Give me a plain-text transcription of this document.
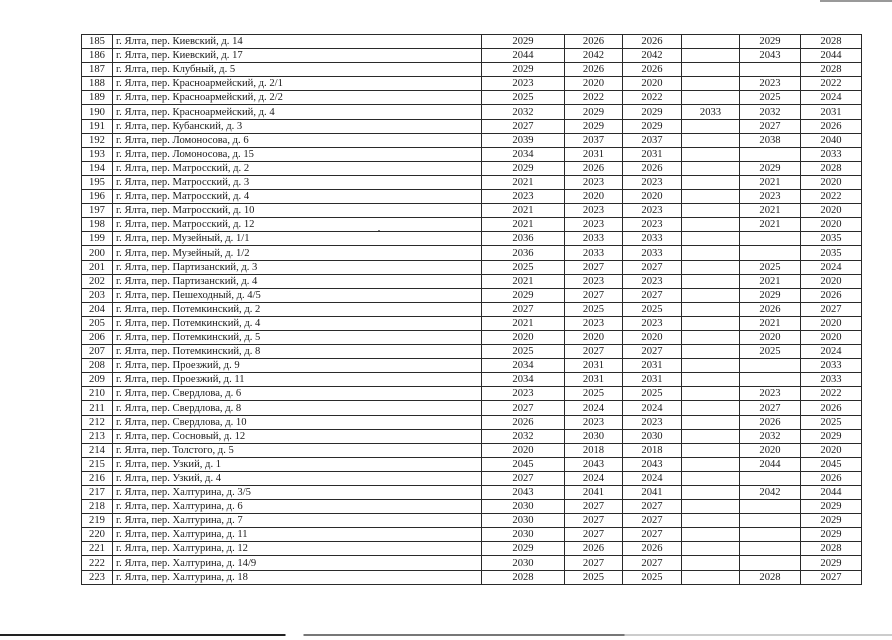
185	г. Ялта, пер. Киевский, д. 14	2029	2026	2026		2029	2028
186	г. Ялта, пер. Киевский, д. 17	2044	2042	2042		2043	2044
187	г. Ялта, пер. Клубный, д. 5	2029	2026	2026			2028
188	г. Ялта, пер. Красноармейский, д. 2/1	2023	2020	2020		2023	2022
189	г. Ялта, пер. Красноармейский, д. 2/2	2025	2022	2022		2025	2024
190	г. Ялта, пер. Красноармейский, д. 4	2032	2029	2029	2033	2032	2031
191	г. Ялта, пер. Кубанский, д. 3	2027	2029	2029		2027	2026
192	г. Ялта, пер. Ломоносова, д. 6	2039	2037	2037		2038	2040
193	г. Ялта, пер. Ломоносова, д. 15	2034	2031	2031			2033
194	г. Ялта, пер. Матросский, д. 2	2029	2026	2026		2029	2028
195	г. Ялта, пер. Матросский, д. 3	2021	2023	2023		2021	2020
196	г. Ялта, пер. Матросский, д. 4	2023	2020	2020		2023	2022
197	г. Ялта, пер. Матросский, д. 10	2021	2023	2023		2021	2020
198	г. Ялта, пер. Матросский, д. 12	2021	2023	2023		2021	2020
199	г. Ялта, пер. Музейный, д. 1/1	2036	2033	2033			2035
200	г. Ялта, пер. Музейный, д. 1/2	2036	2033	2033			2035
201	г. Ялта, пер. Партизанский, д. 3	2025	2027	2027		2025	2024
202	г. Ялта, пер. Партизанский, д. 4	2021	2023	2023		2021	2020
203	г. Ялта, пер. Пешеходный, д. 4/5	2029	2027	2027		2029	2026
204	г. Ялта, пер. Потемкинский, д. 2	2027	2025	2025		2026	2027
205	г. Ялта, пер. Потемкинский, д. 4	2021	2023	2023		2021	2020
206	г. Ялта, пер. Потемкинский, д. 5	2020	2020	2020		2020	2020
207	г. Ялта, пер. Потемкинский, д. 8	2025	2027	2027		2025	2024
208	г. Ялта, пер. Проезжий, д. 9	2034	2031	2031			2033
209	г. Ялта, пер. Проезжий, д. 11	2034	2031	2031			2033
210	г. Ялта, пер. Свердлова, д. 6	2023	2025	2025		2023	2022
211	г. Ялта, пер. Свердлова, д. 8	2027	2024	2024		2027	2026
212	г. Ялта, пер. Свердлова, д. 10	2026	2023	2023		2026	2025
213	г. Ялта, пер. Сосновый, д. 12	2032	2030	2030		2032	2029
214	г. Ялта, пер. Толстого, д. 5	2020	2018	2018		2020	2020
215	г. Ялта, пер. Узкий, д. 1	2045	2043	2043		2044	2045
216	г. Ялта, пер. Узкий, д. 4	2027	2024	2024			2026
217	г. Ялта, пер. Халтурина, д. 3/5	2043	2041	2041		2042	2044
218	г. Ялта, пер. Халтурина, д. 6	2030	2027	2027			2029
219	г. Ялта, пер. Халтурина, д. 7	2030	2027	2027			2029
220	г. Ялта, пер. Халтурина, д. 11	2030	2027	2027			2029
221	г. Ялта, пер. Халтурина, д. 12	2029	2026	2026			2028
222	г. Ялта, пер. Халтурина, д. 14/9	2030	2027	2027			2029
223	г. Ялта, пер. Халтурина, д. 18	2028	2025	2025		2028	2027
